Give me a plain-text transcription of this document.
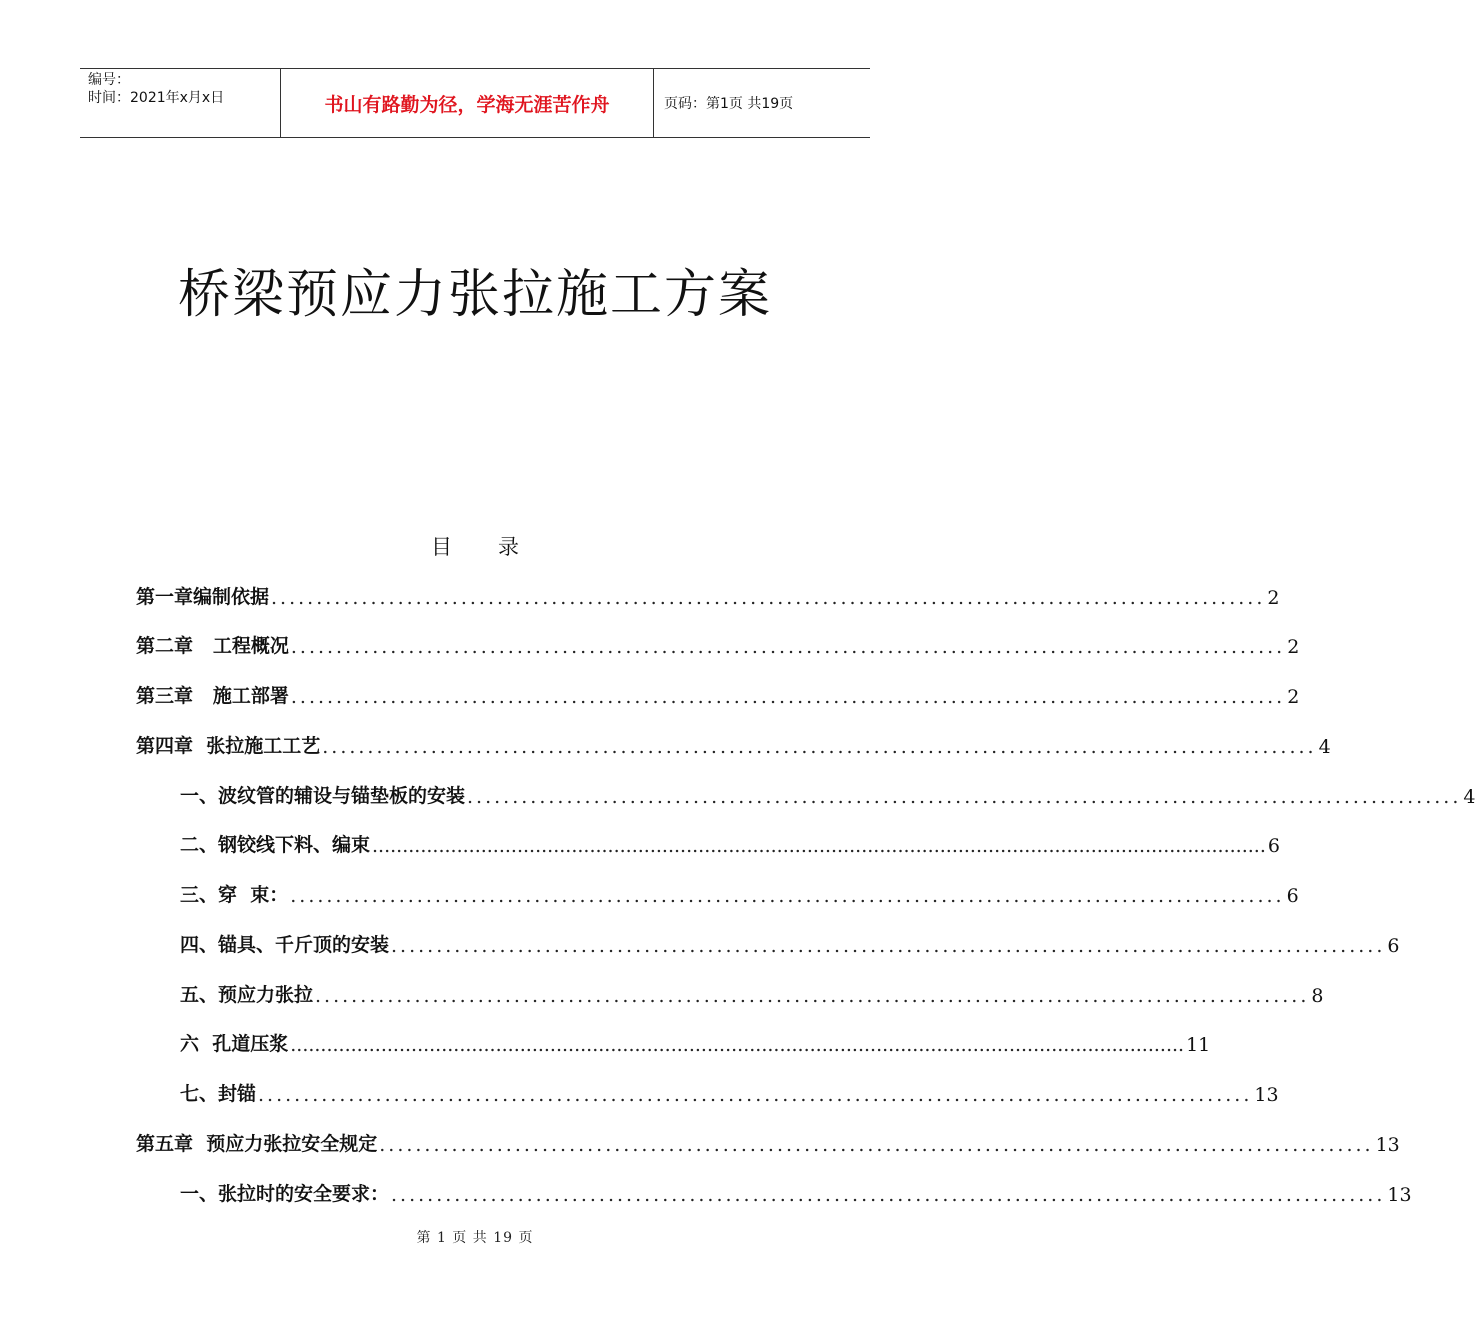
编号：
时间：2021年x月x日	书山有路勤为径，学海无涯苦作舟	页码：第1页 共19页
桥梁预应力张拉施工方案
目录
第一章编制依据 .............................................................................................................. 2
第二章   工程概况 .............................................................................................................. 2
第三章   施工部署 .............................................................................................................. 2
第四章  张拉施工工艺 .............................................................................................................. 4
一、波纹管的辅设与锚垫板的安装 .............................................................................................................. 4
二、钢铰线下料、编束 .................................................................................................................................................... 6
三、穿  束： .............................................................................................................. 6
四、锚具、千斤顶的安装 .............................................................................................................. 6
五、预应力张拉 .............................................................................................................. 8
六  孔道压浆 .................................................................................................................................................... 11
七、封锚 .............................................................................................................. 13
第五章  预应力张拉安全规定 .............................................................................................................. 13
一、张拉时的安全要求： .............................................................................................................. 13
第 1 页 共 19 页
